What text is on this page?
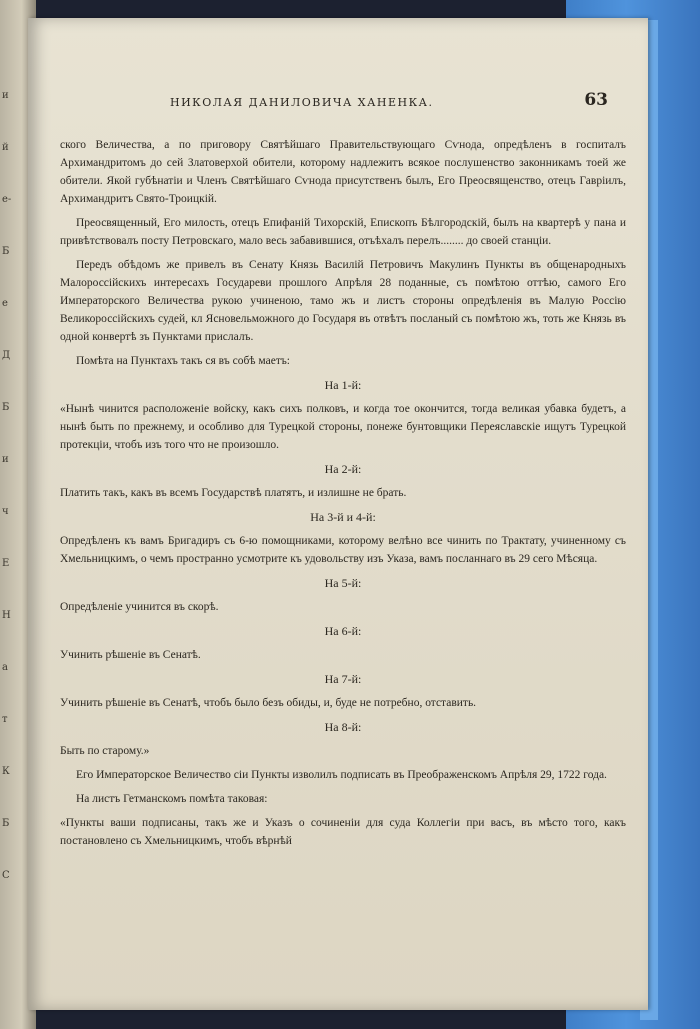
и
й
е-
Б
е
Д
Б
и
ч
Е
Н
а
т
К
Б
С
НИКОЛАЯ ДАНИЛОВИЧА ХАНЕНКА.	63

ского Величества, а по приговору Святѣйшаго Правительствующаго Сѵнода, опредѣленъ в госпиталъ Архимандритомъ до сей Златоверхой обители, которому надлежитъ всякое послушенство законникамъ тоей же обители. Якой губѣнатіи и Членъ Святѣйшаго Сѵнода присутственъ былъ, Его Преосвященство, отецъ Гавріилъ, Архимандритъ Свято-Троицкій.

Преосвященный, Его милость, отецъ Епифаній Тихорскій, Епископъ Бѣлгородскій, былъ на квартерѣ у пана и привѣтствовалъ посту Петровскаго, мало весь забавившися, отъѣхалъ перелъ........ до своей станціи.

Передъ обѣдомъ же привелъ въ Сенату Князь Василій Петровичъ Макулинъ Пункты въ общенародныхъ Малороссійскихъ интересахъ Государеви прошлого Апрѣля 28 поданные, съ помѣтою оттѣю, самого Его Императорского Величества рукою учиненою, тамо жъ и листъ стороны опредѣленія въ Малую Россію Великороссійскихъ судей, кл Ясновельможного до Государя въ отвѣтъ посланый съ помѣтою жъ, тоть же Князь въ одной конвертѣ зъ Пунктами прислалъ.

Помѣта на Пунктахъ такъ ся въ собѣ маетъ:

На 1-й:

«Нынѣ чинится расположеніе войску, какъ сихъ полковъ, и когда тое окончится, тогда великая убавка будетъ, а нынѣ быть по прежнему, и особливо для Турецкой стороны, понеже бунтовщики Переяславскіе ищутъ Турецкой протекціи, чтобъ изъ того что не произошло.

На 2-й:

Платить такъ, какъ въ всемъ Государствѣ платятъ, и излишне не брать.

На 3-й и 4-й:

Опредѣленъ къ вамъ Бригадиръ съ 6-ю помощниками, которому велѣно все чинить по Трактату, учиненному съ Хмельницкимъ, о чемъ пространно усмотрите къ удовольству изъ Указа, вамъ посланнаго въ 29 сего Мѣсяца.

На 5-й:

Опредѣленіе учинится въ скорѣ.

На 6-й:

Учинить рѣшеніе въ Сенатѣ.

На 7-й:

Учинить рѣшеніе въ Сенатѣ, чтобъ было безъ обиды, и, буде не потребно, отставить.

На 8-й:

Быть по старому.»

Его Императорское Величество сіи Пункты изволилъ подписать въ Преображенскомъ Апрѣля 29, 1722 года.

На листъ Гетманскомъ помѣта таковая:

«Пункты ваши подписаны, такъ же и Указъ о сочиненіи для суда Коллегіи при васъ, въ мѣсто того, какъ постановлено съ Хмельницкимъ, чтобъ вѣрнѣй
